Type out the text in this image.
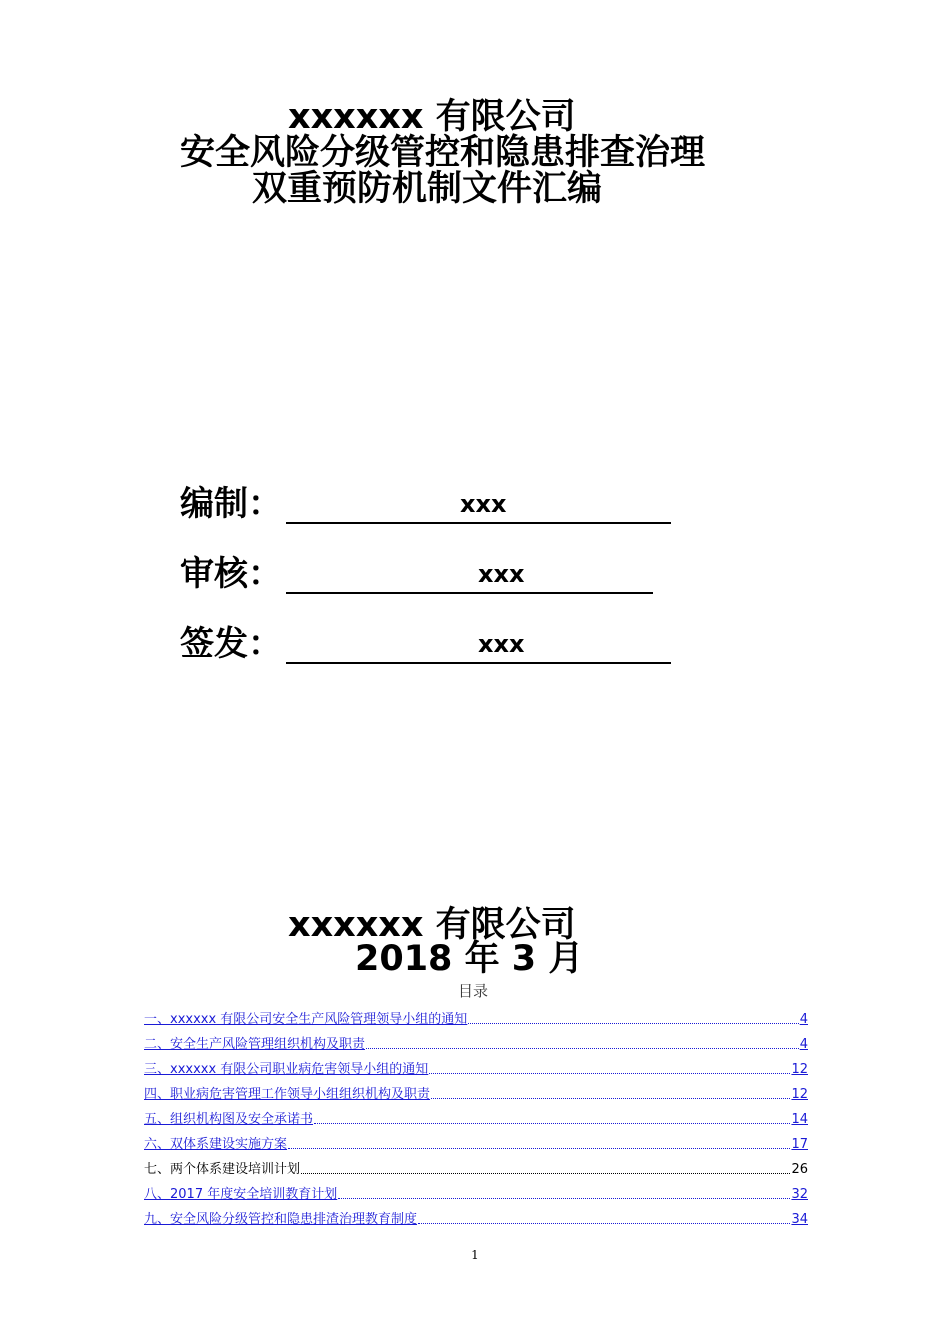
xxxxxx 有限公司
安全风险分级管控和隐患排查治理
双重预防机制文件汇编
编制：	xxx
审核：	xxx
签发：	xxx
xxxxxx 有限公司
2018 年 3 月
目录
一、 xxxxxx 有限公司安全生产风险管理领导小组的通知	4
二、 安全生产风险管理组织机构及职责	4
三、 xxxxxx 有限公司职业病危害领导小组的通知	12
四、 职业病危害管理工作领导小组组织机构及职责	12
五、 组织机构图及安全承诺书	14
六、 双体系建设实施方案	17
七、 两个体系建设培训计划	26
八、 2017 年度安全培训教育计划	32
九、 安全风险分级管控和隐患排渣治理教育制度	34
1
